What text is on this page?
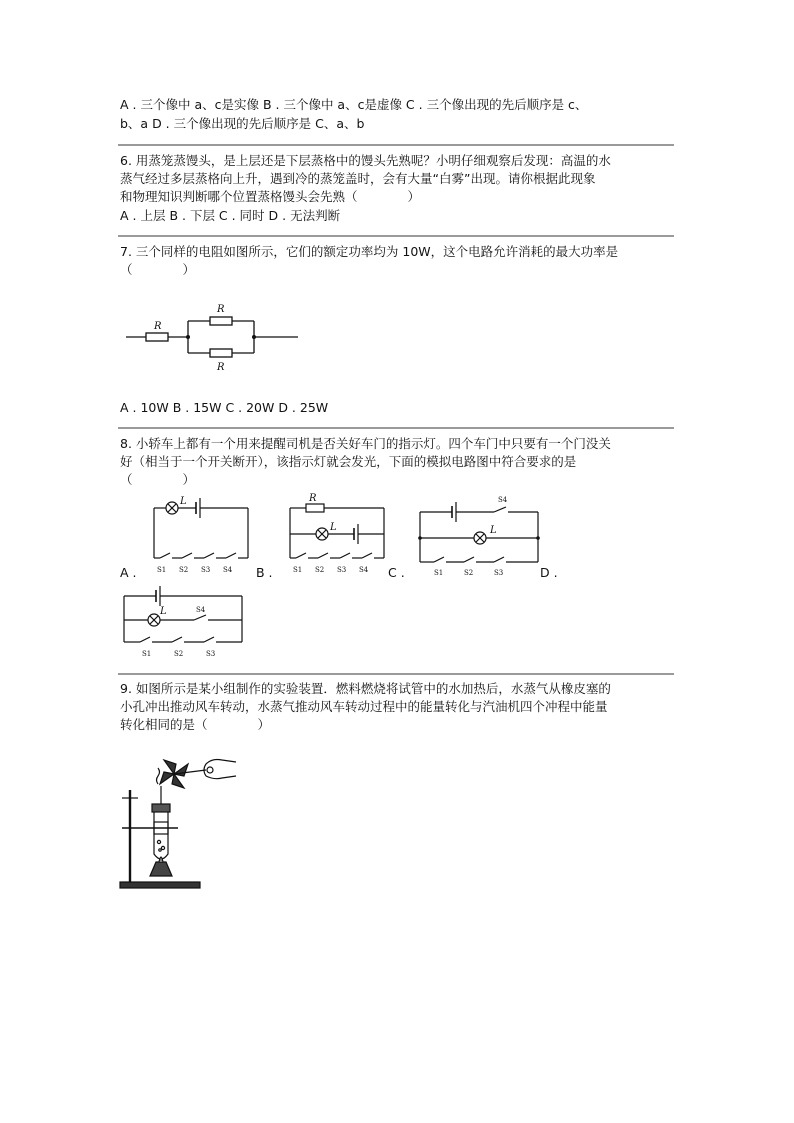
A . 三个像中 a、c是实像 B . 三个像中 a、c是虚像 C . 三个像出现的先后顺序是 c、
b、a D . 三个像出现的先后顺序是 C、a、b
6. 用蒸笼蒸馒头，是上层还是下层蒸格中的馒头先熟呢？小明仔细观察后发现：高温的水
蒸气经过多层蒸格向上升，遇到冷的蒸笼盖时，会有大量“白雾”出现。请你根据此现象
和物理知识判断哪个位置蒸格馒头会先熟（　　　　）
A . 上层 B . 下层 C . 同时 D . 无法判断
7. 三个同样的电阻如图所示，它们的额定功率均为 10W，这个电路允许消耗的最大功率是
（　　　　）
R
R
R
A . 10W B . 15W C . 20W D . 25W
8. 小轿车上都有一个用来提醒司机是否关好车门的指示灯。四个车门中只要有一个门没关
好（相当于一个开关断开），该指示灯就会发光，下面的模拟电路图中符合要求的是
（　　　　）
A .
L
S1 S2 S3 S4 B .
R
L
S1 S2 S3 S4 C .
S4
L
S1	S2	S3	D .
L	S4
S1	S2	S3
9. 如图所示是某小组制作的实验装置．燃料燃烧将试管中的水加热后，水蒸气从橡皮塞的
小孔冲出推动风车转动，水蒸气推动风车转动过程中的能量转化与汽油机四个冲程中能量
转化相同的是（　　　　）
